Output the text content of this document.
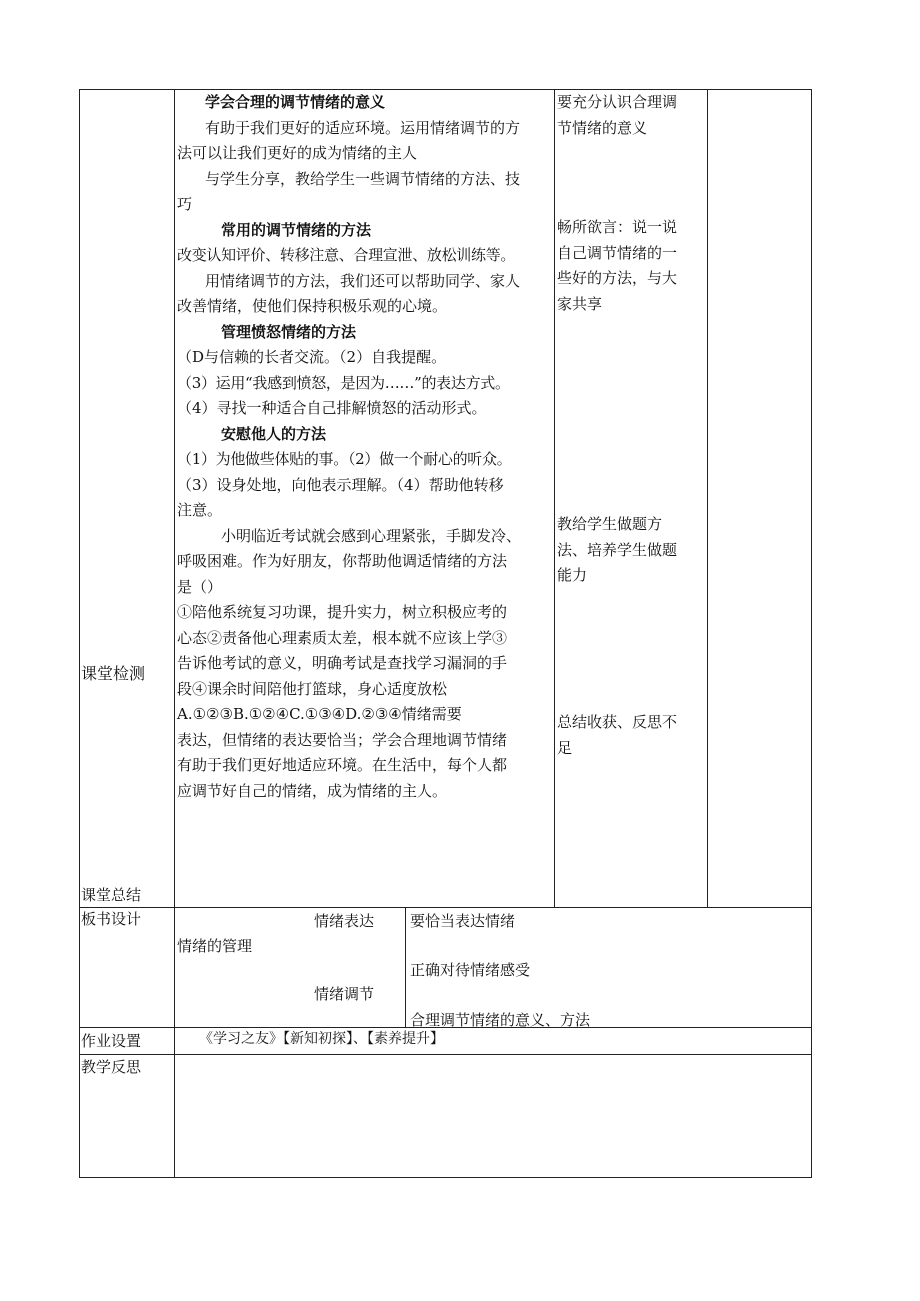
课堂检测
课堂总结
学会合理的调节情绪的意义
有助于我们更好的适应环境。运用情绪调节的方
法可以让我们更好的成为情绪的主人
与学生分享，教给学生一些调节情绪的方法、技
巧
常用的调节情绪的方法
改变认知评价、转移注意、合理宣泄、放松训练等。
用情绪调节的方法，我们还可以帮助同学、家人
改善情绪，使他们保持积极乐观的心境。
管理愤怒情绪的方法
（D与信赖的长者交流。（2）自我提醒。
（3）运用“我感到愤怒，是因为……”的表达方式。
（4）寻找一种适合自己排解愤怒的活动形式。
安慰他人的方法
（1）为他做些体贴的事。（2）做一个耐心的听众。
（3）设身处地，向他表示理解。（4）帮助他转移
注意。
小明临近考试就会感到心理紧张，手脚发冷、
呼吸困难。作为好朋友，你帮助他调适情绪的方法
是（）
①陪他系统复习功课，提升实力，树立积极应考的
心态②责备他心理素质太差，根本就不应该上学③
告诉他考试的意义，明确考试是查找学习漏洞的手
段④课余时间陪他打篮球，身心适度放松
A.①②③B.①②④C.①③④D.②③④情绪需要
表达，但情绪的表达要恰当；学会合理地调节情绪
有助于我们更好地适应环境。在生活中，每个人都
应调节好自己的情绪，成为情绪的主人。
要充分认识合理调
节情绪的意义
畅所欲言：说一说
自己调节情绪的一
些好的方法，与大
家共享
教给学生做题方
法、培养学生做题
能力
总结收获、反思不
足
板书设计	情绪表达
情绪的管理
情绪调节
要恰当表达情绪
正确对待情绪感受
合理调节情绪的意义、方法
作业设置	《学习之友》【新知初探】、【素养提升】
教学反思
